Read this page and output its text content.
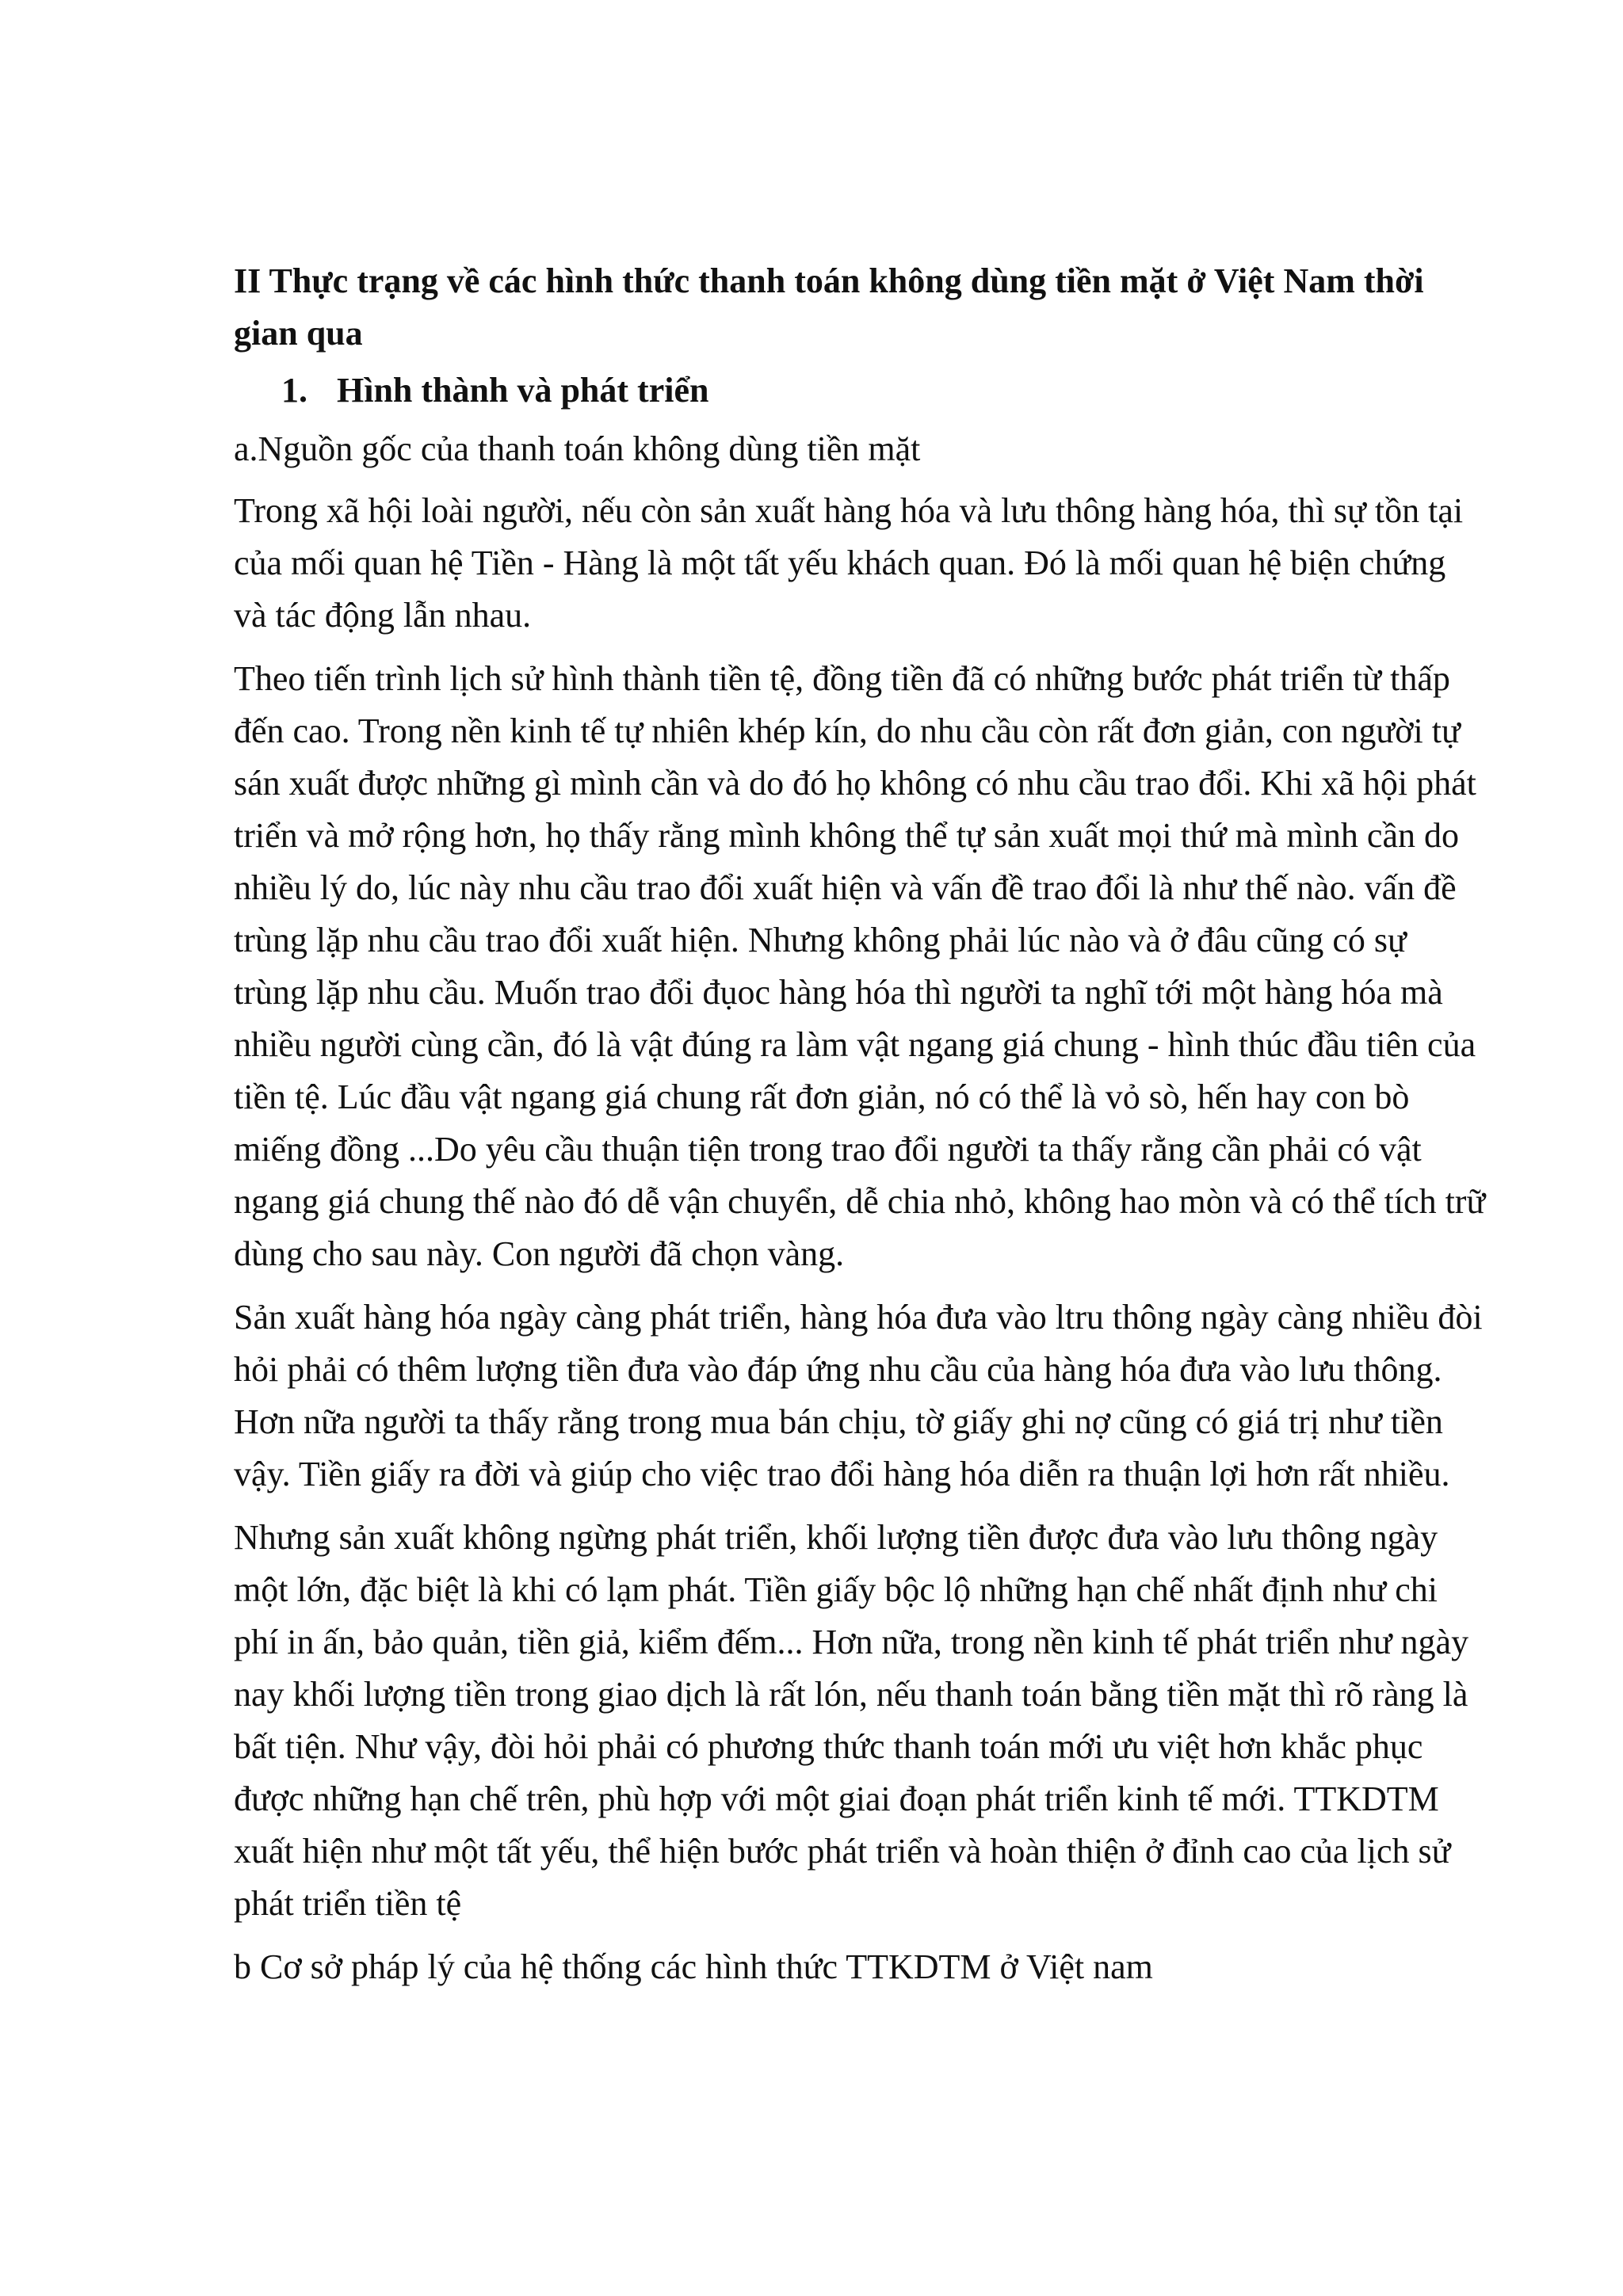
II Thực trạng về các hình thức thanh toán không dùng tiền mặt ở Việt Nam thời gian qua
1. Hình thành và phát triển
a.Nguồn gốc của thanh toán không dùng tiền mặt

Trong xã hội loài người, nếu còn sản xuất hàng hóa và lưu thông hàng hóa, thì sự tồn tại của mối quan hệ Tiền - Hàng là một tất yếu khách quan. Đó là mối quan hệ biện chứng và tác động lẫn nhau.

Theo tiến trình lịch sử hình thành tiền tệ, đồng tiền đã có những bước phát triển từ thấp đến cao. Trong nền kinh tế tự nhiên khép kín, do nhu cầu còn rất đơn giản, con người tự sán xuất được những gì mình cần và do đó họ không có nhu cầu trao đổi. Khi xã hội phát triển và mở rộng hơn, họ thấy rằng mình không thể tự sản xuất mọi thứ mà mình cần do nhiều lý do, lúc này nhu cầu trao đổi xuất hiện và vấn đề trao đổi là như thế nào. vấn đề trùng lặp nhu cầu trao đổi xuất hiện. Nhưng không phải lúc nào và ở đâu cũng có sự trùng lặp nhu cầu. Muốn trao đổi đụoc hàng hóa thì người ta nghĩ tới một hàng hóa mà nhiều người cùng cần, đó là vật đúng ra làm vật ngang giá chung - hình thúc đầu tiên của tiền tệ. Lúc đầu vật ngang giá chung rất đơn giản, nó có thể là vỏ sò, hến hay con bò miếng đồng ...Do yêu cầu thuận tiện trong trao đổi người ta thấy rằng cần phải có vật ngang giá chung thế nào đó dễ vận chuyển, dễ chia nhỏ, không hao mòn và có thể tích trữ dùng cho sau này. Con người đã chọn vàng.

Sản xuất hàng hóa ngày càng phát triển, hàng hóa đưa vào ltru thông ngày càng nhiều đòi hỏi phải có thêm lượng tiền đưa vào đáp ứng nhu cầu của hàng hóa đưa vào lưu thông. Hơn nữa người ta thấy rằng trong mua bán chịu, tờ giấy ghi nợ cũng có giá trị như tiền vậy. Tiền giấy ra đời và giúp cho việc trao đổi hàng hóa diễn ra thuận lợi hơn rất nhiều.

Nhưng sản xuất không ngừng phát triển, khối lượng tiền được đưa vào lưu thông ngày một lớn, đặc biệt là khi có lạm phát. Tiền giấy bộc lộ những hạn chế nhất định như chi phí in ấn, bảo quản, tiền giả, kiểm đếm... Hơn nữa, trong nền kinh tế phát triển như ngày nay khối lượng tiền trong giao dịch là rất lón, nếu thanh toán bằng tiền mặt thì rõ ràng là bất tiện. Như vậy, đòi hỏi phải có phương thức thanh toán mới ưu việt hơn khắc phục được những hạn chế trên, phù hợp với một giai đoạn phát triển kinh tế mới. TTKDTM xuất hiện như một tất yếu, thể hiện bước phát triển và hoàn thiện ở đỉnh cao của lịch sử phát triển tiền tệ

b Cơ sở pháp lý của hệ thống các hình thức TTKDTM ở Việt nam
